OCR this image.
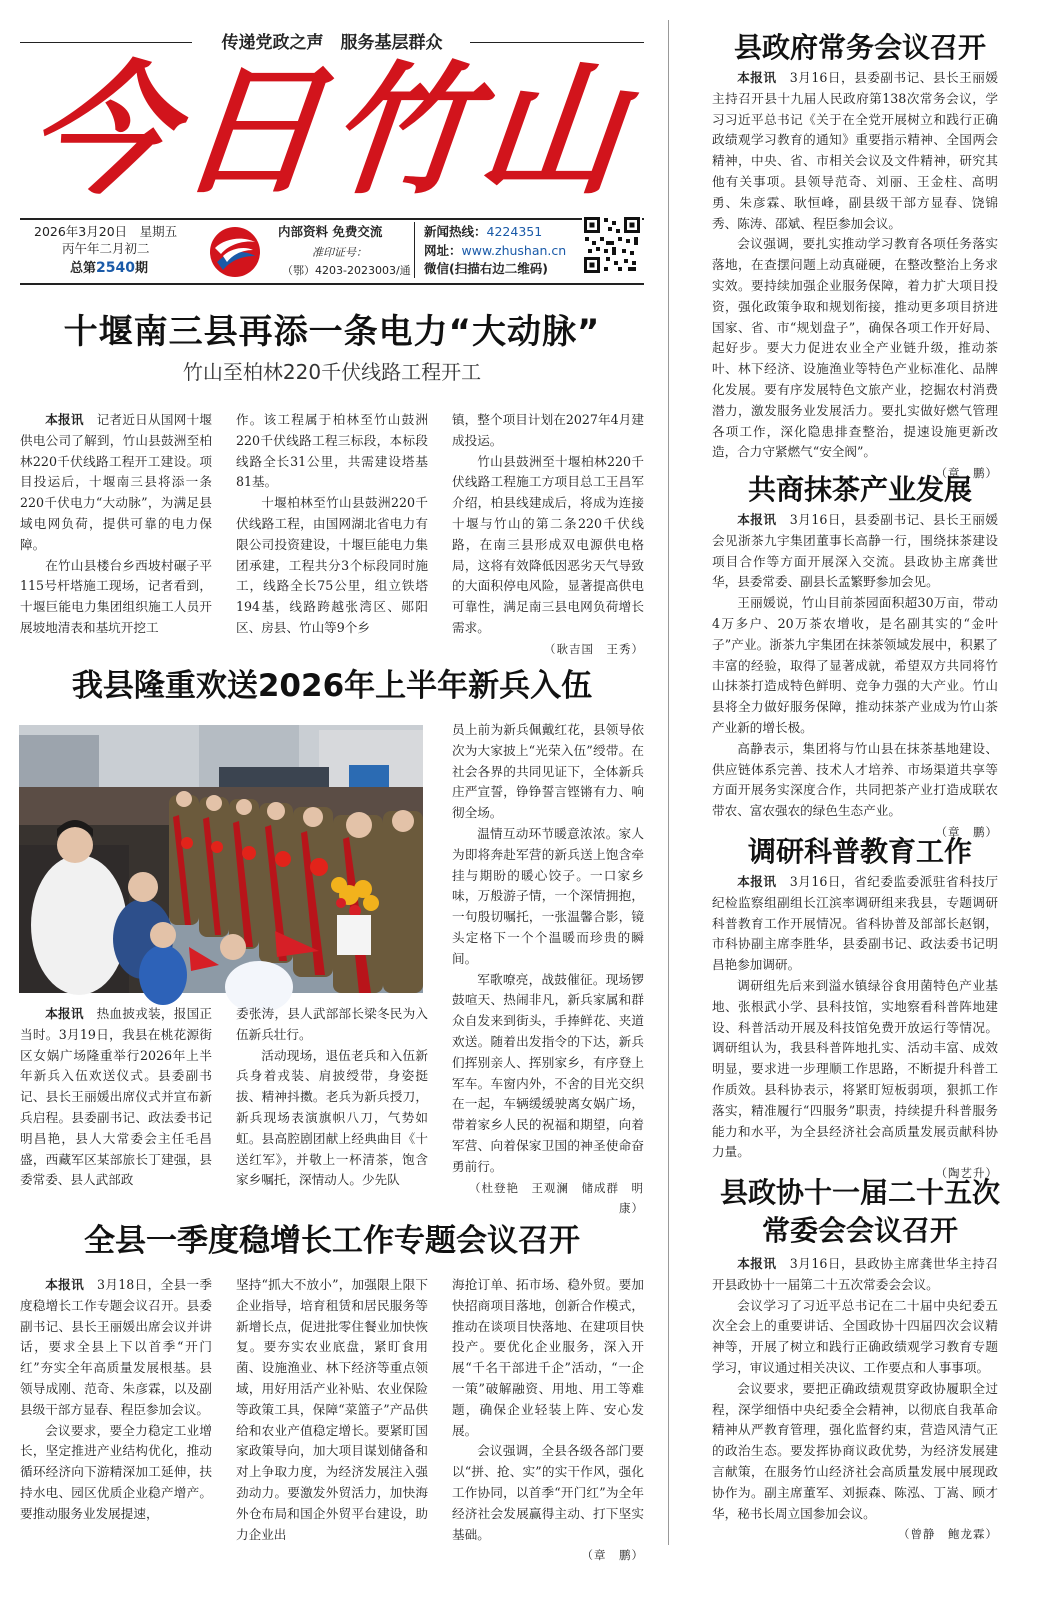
传递党政之声　服务基层群众
今日竹山
2026年3月20日　星期五
丙午年二月初二
总第2540期
内部资料 免费交流
准印证号：
（鄂）4203-2023003/通
新闻热线：4224351
网址：www.zhushan.cn
微信(扫描右边二维码)
十堰南三县再添一条电力“大动脉”
竹山至柏林220千伏线路工程开工

本报讯　 记者近日从国网十堰供电公司了解到，竹山县鼓洲至柏林220千伏线路工程开工建设。项目投运后，十堰南三县将添一条220千伏电力“大动脉”，为满足县域电网负荷，提供可靠的电力保障。

在竹山县楼台乡西坡村碾子平115号杆塔施工现场，记者看到，十堰巨能电力集团组织施工人员开展坡地清表和基坑开挖工

作。该工程属于柏林至竹山鼓洲220千伏线路工程三标段，本标段线路全长31公里，共需建设塔基81基。

十堰柏林至竹山县鼓洲220千伏线路工程，由国网湖北省电力有限公司投资建设，十堰巨能电力集团承建，工程共分3个标段同时施工，线路全长75公里，组立铁塔194基，线路跨越张湾区、郧阳区、房县、竹山等9个乡

镇，整个项目计划在2027年4月建成投运。

竹山县鼓洲至十堰柏林220千伏线路工程施工方项目总工王昌军介绍，柏县线建成后，将成为连接十堰与竹山的第二条220千伏线路，在南三县形成双电源供电格局，这将有效降低因恶劣天气导致的大面积停电风险，显著提高供电可靠性，满足南三县电网负荷增长需求。

（耿吉国　王秀）
我县隆重欢送2026年上半年新兵入伍

员上前为新兵佩戴红花，县领导依次为大家披上“光荣入伍”绶带。在社会各界的共同见证下，全体新兵庄严宣誓，铮铮誓言铿锵有力、响彻全场。

温情互动环节暖意浓浓。家人为即将奔赴军营的新兵送上饱含牵挂与期盼的暖心饺子。一口家乡味，万般游子情，一个深情拥抱，一句殷切嘱托，一张温馨合影，镜头定格下一个个温暖而珍贵的瞬间。

军歌嘹亮，战鼓催征。现场锣鼓喧天、热闹非凡，新兵家属和群众自发来到街头，手捧鲜花、夹道欢送。随着出发指令的下达，新兵们挥别亲人、挥别家乡，有序登上军车。车窗内外，不舍的目光交织在一起，车辆缓缓驶离女娲广场，带着家乡人民的祝福和期望，向着军营、向着保家卫国的神圣使命奋勇前行。

（杜登艳　王观澜　储成群　明康）

本报讯　 热血披戎装，报国正当时。3月19日，我县在桃花源街区女娲广场隆重举行2026年上半年新兵入伍欢送仪式。县委副书记、县长王丽媛出席仪式并宣布新兵启程。县委副书记、政法委书记明昌艳，县人大常委会主任毛昌盛，西藏军区某部旅长丁建强，县委常委、县人武部政

委张涛，县人武部部长梁冬民为入伍新兵壮行。

活动现场，退伍老兵和入伍新兵身着戎装、肩披绶带，身姿挺拔、精神抖擞。老兵为新兵授刀，新兵现场表演旗帜八刀，气势如虹。县高腔剧团献上经典曲目《十送红军》，并敬上一杯清茶，饱含家乡嘱托，深情动人。少先队

全县一季度稳增长工作专题会议召开

本报讯　 3月18日，全县一季度稳增长工作专题会议召开。县委副书记、县长王丽媛出席会议并讲话，要求全县上下以首季“开门红”夯实全年高质量发展根基。县领导成刚、范奇、朱彦霖，以及副县级干部方显春、程臣参加会议。

会议要求，要全力稳定工业增长，坚定推进产业结构优化，推动循环经济向下游精深加工延伸，扶持水电、园区优质企业稳产增产。要推动服务业发展提速，

坚持“抓大不放小”，加强限上限下企业指导，培育租赁和居民服务等新增长点，促进批零住餐业加快恢复。要夯实农业底盘，紧盯食用菌、设施渔业、林下经济等重点领域，用好用活产业补贴、农业保险等政策工具，保障“菜篮子”产品供给和农业产值稳定增长。要紧盯国家政策导向，加大项目谋划储备和对上争取力度，为经济发展注入强劲动力。要激发外贸活力，加快海外仓布局和国企外贸平台建设，助力企业出

海抢订单、拓市场、稳外贸。要加快招商项目落地，创新合作模式，推动在谈项目快落地、在建项目快投产。要优化企业服务，深入开展“千名干部进千企”活动，“一企一策”破解融资、用地、用工等难题，确保企业轻装上阵、安心发展。

会议强调，全县各级各部门要以“拼、抢、实”的实干作风，强化工作协同，以首季“开门红”为全年经济社会发展赢得主动、打下坚实基础。

（章　鹏）
县政府常务会议召开

本报讯　 3月16日，县委副书记、县长王丽媛主持召开县十九届人民政府第138次常务会议，学习习近平总书记《关于在全党开展树立和践行正确政绩观学习教育的通知》重要指示精神、全国两会精神，中央、省、市相关会议及文件精神，研究其他有关事项。县领导范奇、刘丽、王金柱、高明勇、朱彦霖、耿恒峰，副县级干部方显春、饶锦秀、陈涛、邵斌、程臣参加会议。

会议强调，要扎实推动学习教育各项任务落实落地，在查摆问题上动真碰硬，在整改整治上务求实效。要持续加强企业服务保障，着力扩大项目投资，强化政策争取和规划衔接，推动更多项目挤进国家、省、市“规划盘子”，确保各项工作开好局、起好步。要大力促进农业全产业链升级，推动茶叶、林下经济、设施渔业等特色产业标准化、品牌化发展。要有序发展特色文旅产业，挖掘农村消费潜力，激发服务业发展活力。要扎实做好燃气管理各项工作，深化隐患排查整治，提速设施更新改造，合力守紧燃气“安全阀”。

（章　鹏）
共商抹茶产业发展

本报讯　 3月16日，县委副书记、县长王丽媛会见浙茶九宇集团董事长高静一行，围绕抹茶建设项目合作等方面开展深入交流。县政协主席龚世华，县委常委、副县长孟繁野参加会见。

王丽媛说，竹山目前茶园面积超30万亩，带动4万多户、20万茶农增收，是名副其实的“金叶子”产业。浙茶九宇集团在抹茶领域发展中，积累了丰富的经验，取得了显著成就，希望双方共同将竹山抹茶打造成特色鲜明、竞争力强的大产业。竹山县将全力做好服务保障，推动抹茶产业成为竹山茶产业新的增长极。

高静表示，集团将与竹山县在抹茶基地建设、供应链体系完善、技术人才培养、市场渠道共享等方面开展务实深度合作，共同把茶产业打造成联农带农、富农强农的绿色生态产业。

（章　鹏）
调研科普教育工作

本报讯　 3月16日，省纪委监委派驻省科技厅纪检监察组副组长江滨率调研组来我县，专题调研科普教育工作开展情况。省科协普及部部长赵钢，市科协副主席李胜华，县委副书记、政法委书记明昌艳参加调研。

调研组先后来到溢水镇绿谷食用菌特色产业基地、张根武小学、县科技馆，实地察看科普阵地建设、科普活动开展及科技馆免费开放运行等情况。调研组认为，我县科普阵地扎实、活动丰富、成效明显，要求进一步理顺工作思路，不断提升科普工作质效。县科协表示，将紧盯短板弱项，狠抓工作落实，精准履行“四服务”职责，持续提升科普服务能力和水平，为全县经济社会高质量发展贡献科协力量。

（陶艺升）
县政协十一届二十五次
常委会会议召开

本报讯　 3月16日，县政协主席龚世华主持召开县政协十一届第二十五次常委会会议。

会议学习了习近平总书记在二十届中央纪委五次全会上的重要讲话、全国政协十四届四次会议精神等，开展了树立和践行正确政绩观学习教育专题学习，审议通过相关决议、工作要点和人事事项。

会议要求，要把正确政绩观贯穿政协履职全过程，深学细悟中央纪委全会精神，以彻底自我革命精神从严教育管理，强化监督约束，营造风清气正的政治生态。要发挥协商议政优势，为经济发展建言献策，在服务竹山经济社会高质量发展中展现政协作为。副主席董军、刘振森、陈泓、丁嵩、顾才华，秘书长周立国参加会议。

（曾静　鲍龙霖）
